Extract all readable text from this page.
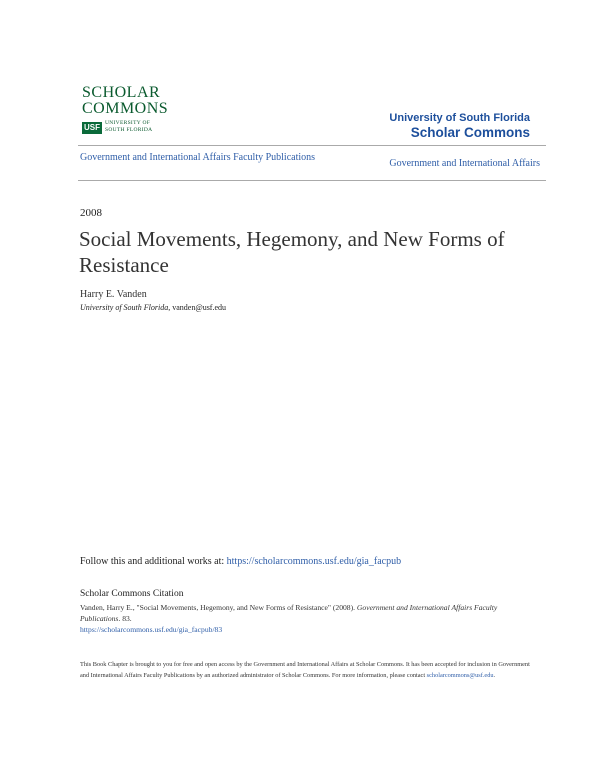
SCHOLAR
COMMONS
USF UNIVERSITY OF
SOUTH FLORIDA
University of South Florida
Scholar Commons
Government and International Affairs Faculty Publications
Government and International Affairs
2008
Social Movements, Hegemony, and New Forms of Resistance
Harry E. Vanden
University of South Florida, vanden@usf.edu
Follow this and additional works at: https://scholarcommons.usf.edu/gia_facpub
Scholar Commons Citation
Vanden, Harry E., "Social Movements, Hegemony, and New Forms of Resistance" (2008). Government and International Affairs Faculty Publications. 83.
https://scholarcommons.usf.edu/gia_facpub/83
This Book Chapter is brought to you for free and open access by the Government and International Affairs at Scholar Commons. It has been accepted for inclusion in Government and International Affairs Faculty Publications by an authorized administrator of Scholar Commons. For more information, please contact scholarcommons@usf.edu.
